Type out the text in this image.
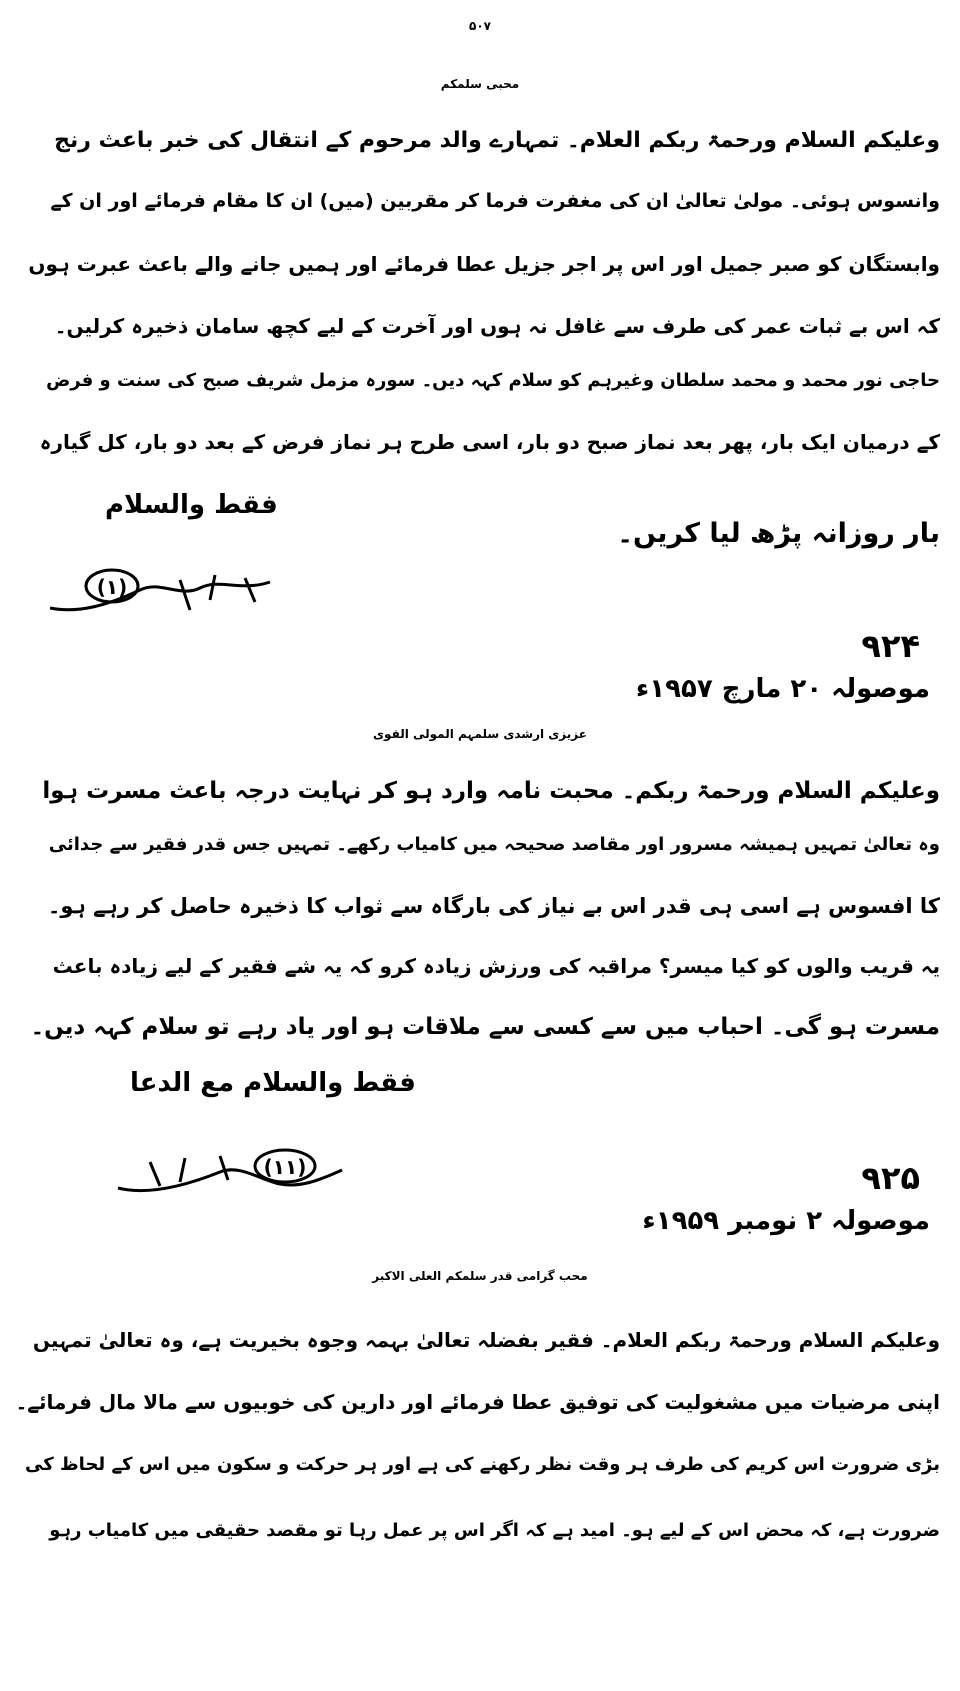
۵۰۷
محبی سلمکم
وعلیکم السلام ورحمۃ ربکم العلام۔ تمہارے والد مرحوم کے انتقال کی خبر باعث رنج
وانسوس ہوئی۔ مولیٰ تعالیٰ ان کی مغفرت فرما کر مقربین (میں) ان کا مقام فرمائے اور ان کے
وابستگان کو صبر جمیل اور اس پر اجر جزیل عطا فرمائے اور ہمیں جانے والے باعث عبرت ہوں
کہ اس بے ثبات عمر کی طرف سے غافل نہ ہوں اور آخرت کے لیے کچھ سامان ذخیرہ کرلیں۔
حاجی نور محمد و محمد سلطان وغیرہم کو سلام کہہ دیں۔ سورہ مزمل شریف صبح کی سنت و فرض
کے درمیان ایک بار، پھر بعد نماز صبح دو بار، اسی طرح ہر نماز فرض کے بعد دو بار، کل گیارہ
بار روزانہ پڑھ لیا کریں۔
فقط والسلام
(۱)
۹۲۴
موصولہ ۲۰ مارچ ۱۹۵۷ء
عزیزی ارشدی سلمہم المولی القوی
وعلیکم السلام ورحمۃ ربکم۔ محبت نامہ وارد ہو کر نہایت درجہ باعث مسرت ہوا
وہ تعالیٰ تمہیں ہمیشہ مسرور اور مقاصد صحیحہ میں کامیاب رکھے۔ تمہیں جس قدر فقیر سے جدائی
کا افسوس ہے اسی ہی قدر اس بے نیاز کی بارگاہ سے ثواب کا ذخیرہ حاصل کر رہے ہو۔
یہ قریب والوں کو کیا میسر؟ مراقبہ کی ورزش زیادہ کرو کہ یہ شے فقیر کے لیے زیادہ باعث
مسرت ہو گی۔ احباب میں سے کسی سے ملاقات ہو اور یاد رہے تو سلام کہہ دیں۔
فقط والسلام مع الدعا
(۱۱)	۹۲۵
موصولہ ۲ نومبر ۱۹۵۹ء
محب گرامی قدر سلمکم العلی الاکبر
وعلیکم السلام ورحمۃ ربکم العلام۔ فقیر بفضلہ تعالیٰ بہمہ وجوہ بخیریت ہے، وہ تعالیٰ تمہیں
اپنی مرضیات میں مشغولیت کی توفیق عطا فرمائے اور دارین کی خوبیوں سے مالا مال فرمائے۔
بڑی ضرورت اس کریم کی طرف ہر وقت نظر رکھنے کی ہے اور ہر حرکت و سکون میں اس کے لحاظ کی
ضرورت ہے، کہ محض اس کے لیے ہو۔ امید ہے کہ اگر اس پر عمل رہا تو مقصد حقیقی میں کامیاب رہو
